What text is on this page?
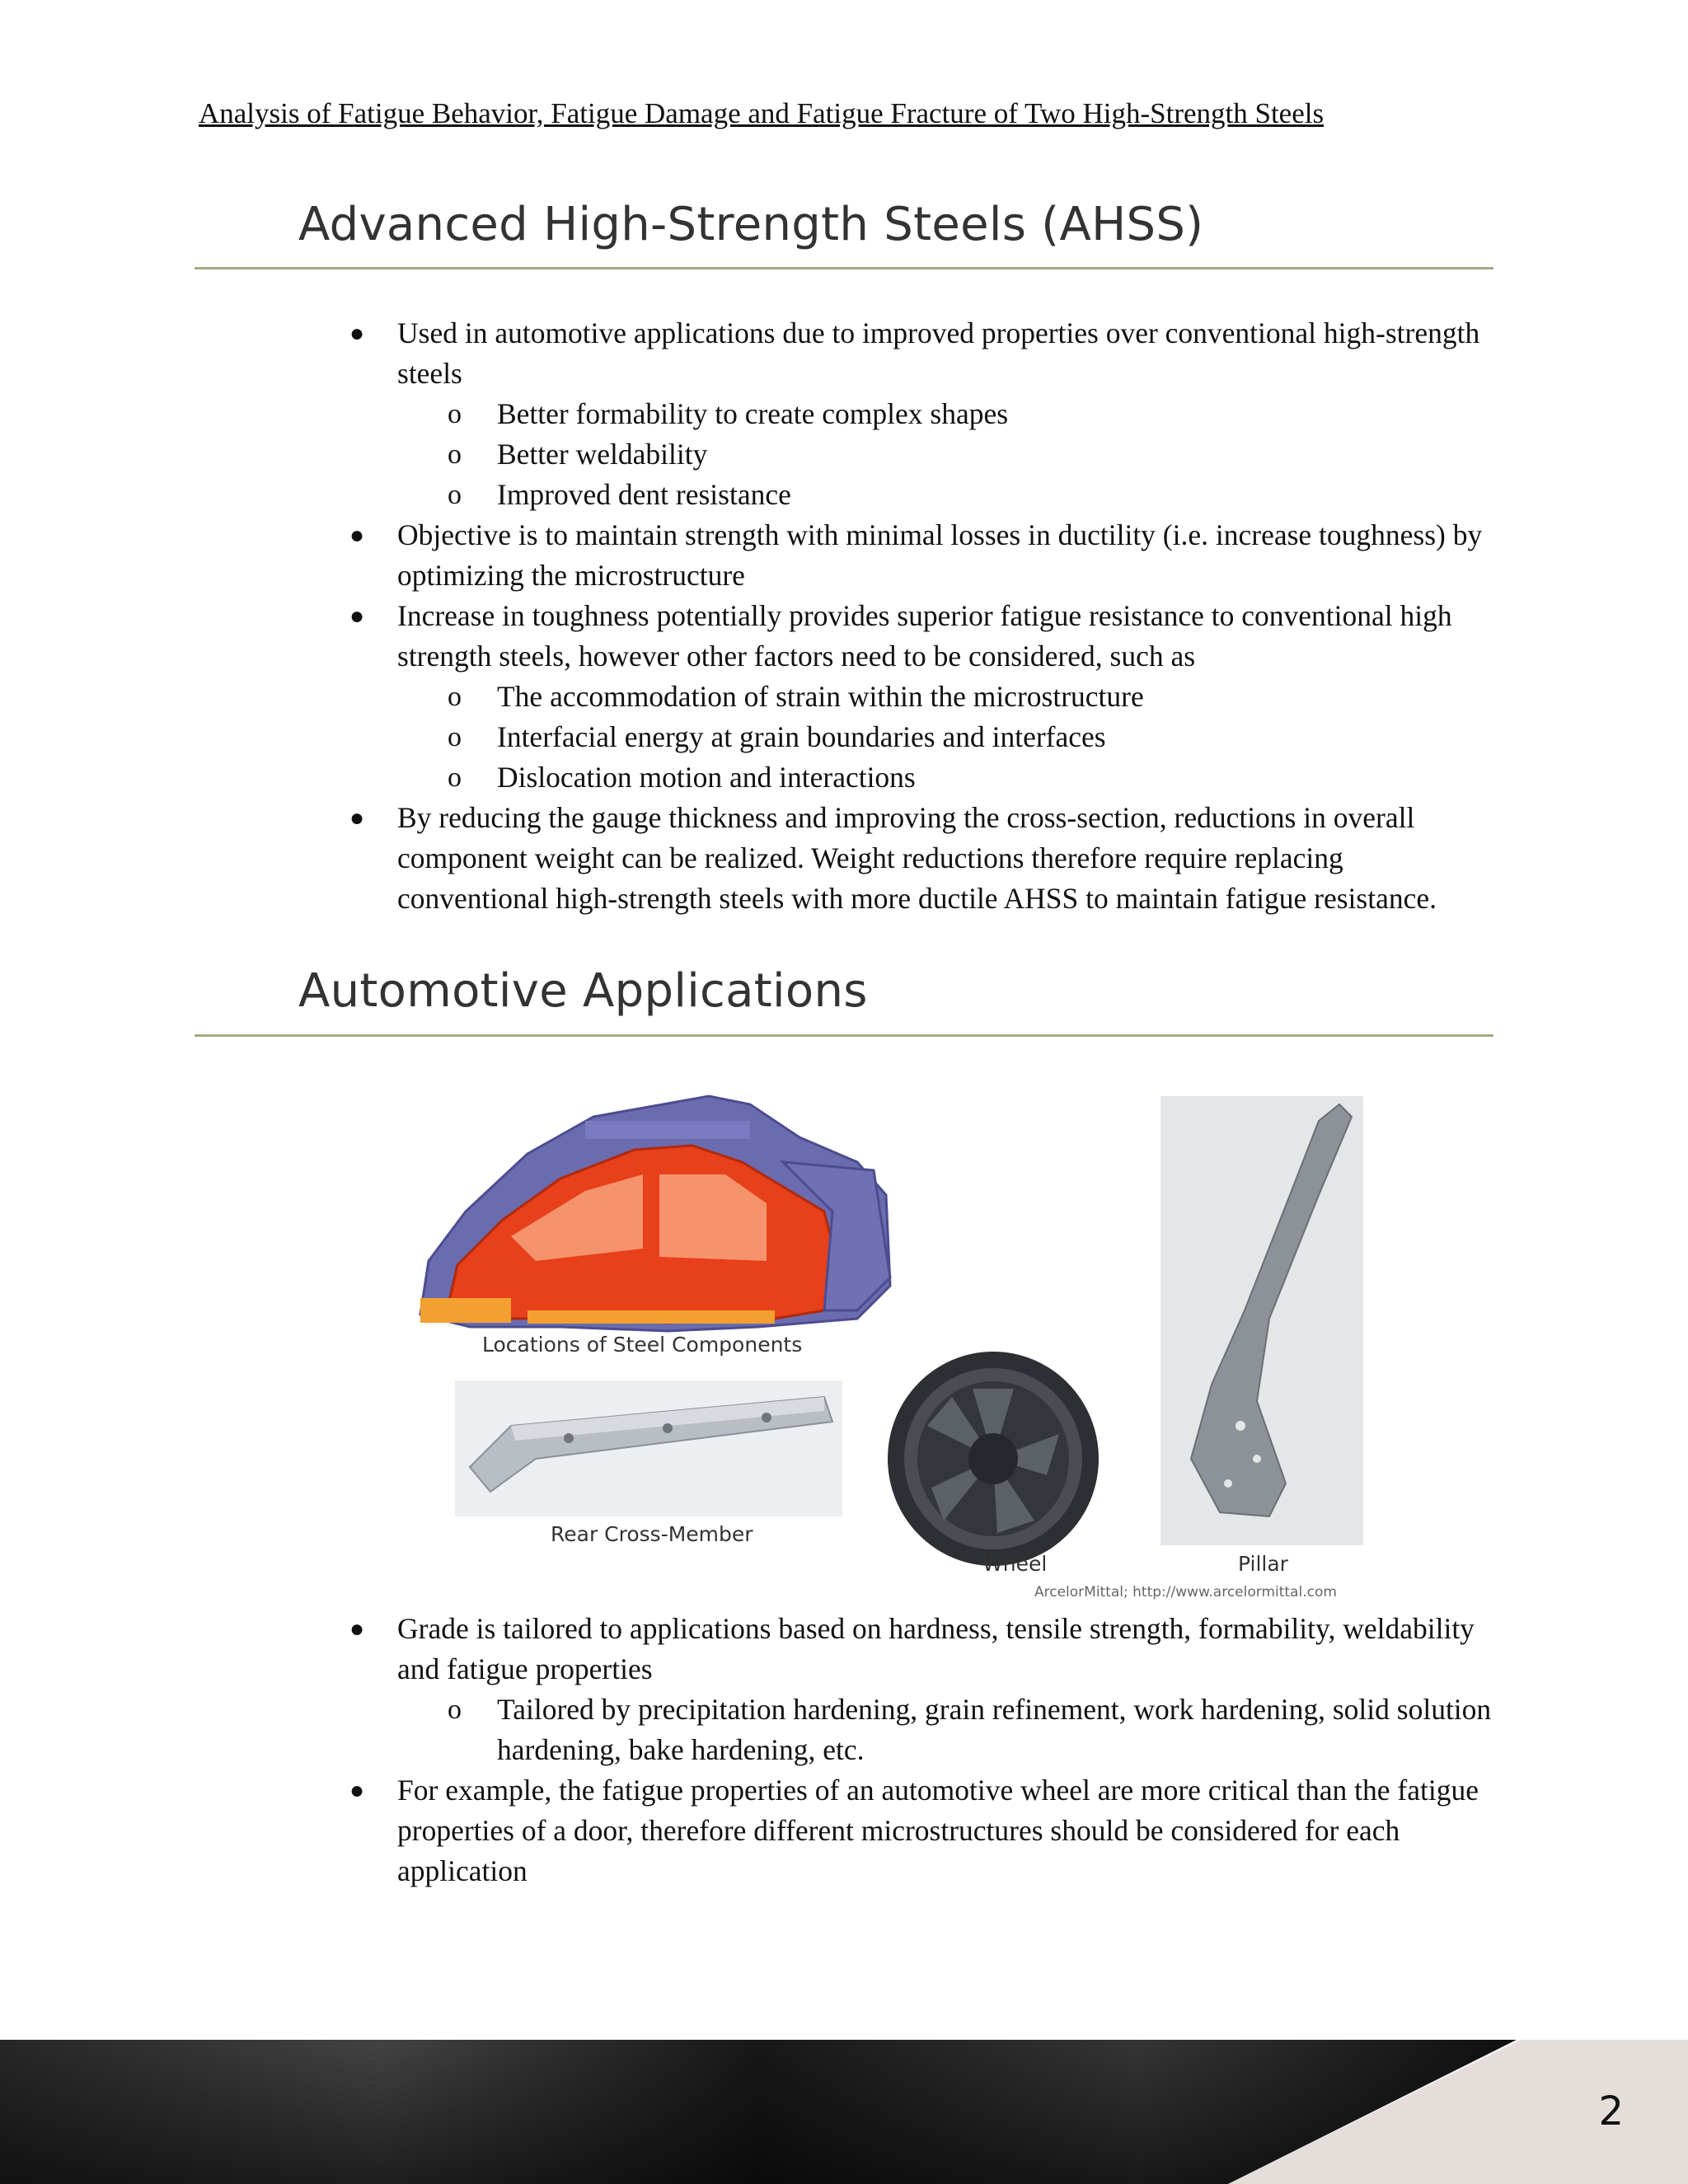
Analysis of Fatigue Behavior, Fatigue Damage and Fatigue Fracture of Two High-Strength Steels
Advanced High-Strength Steels (AHSS)
● Used in automotive applications due to improved properties over conventional high-strength steels
o Better formability to create complex shapes
o Better weldability
o Improved dent resistance
● Objective is to maintain strength with minimal losses in ductility (i.e. increase toughness) by optimizing the microstructure
● Increase in toughness potentially provides superior fatigue resistance to conventional high strength steels, however other factors need to be considered, such as
o The accommodation of strain within the microstructure
o Interfacial energy at grain boundaries and interfaces
o Dislocation motion and interactions
● By reducing the gauge thickness and improving the cross-section, reductions in overall component weight can be realized. Weight reductions therefore require replacing conventional high-strength steels with more ductile AHSS to maintain fatigue resistance.
Automotive Applications
Locations of Steel Components
Rear Cross-Member
Wheel	Pillar
ArcelorMittal; http://www.arcelormittal.com
● Grade is tailored to applications based on hardness, tensile strength, formability, weldability and fatigue properties
o Tailored by precipitation hardening, grain refinement, work hardening, solid solution hardening, bake hardening, etc.
● For example, the fatigue properties of an automotive wheel are more critical than the fatigue properties of a door, therefore different microstructures should be considered for each application
2
